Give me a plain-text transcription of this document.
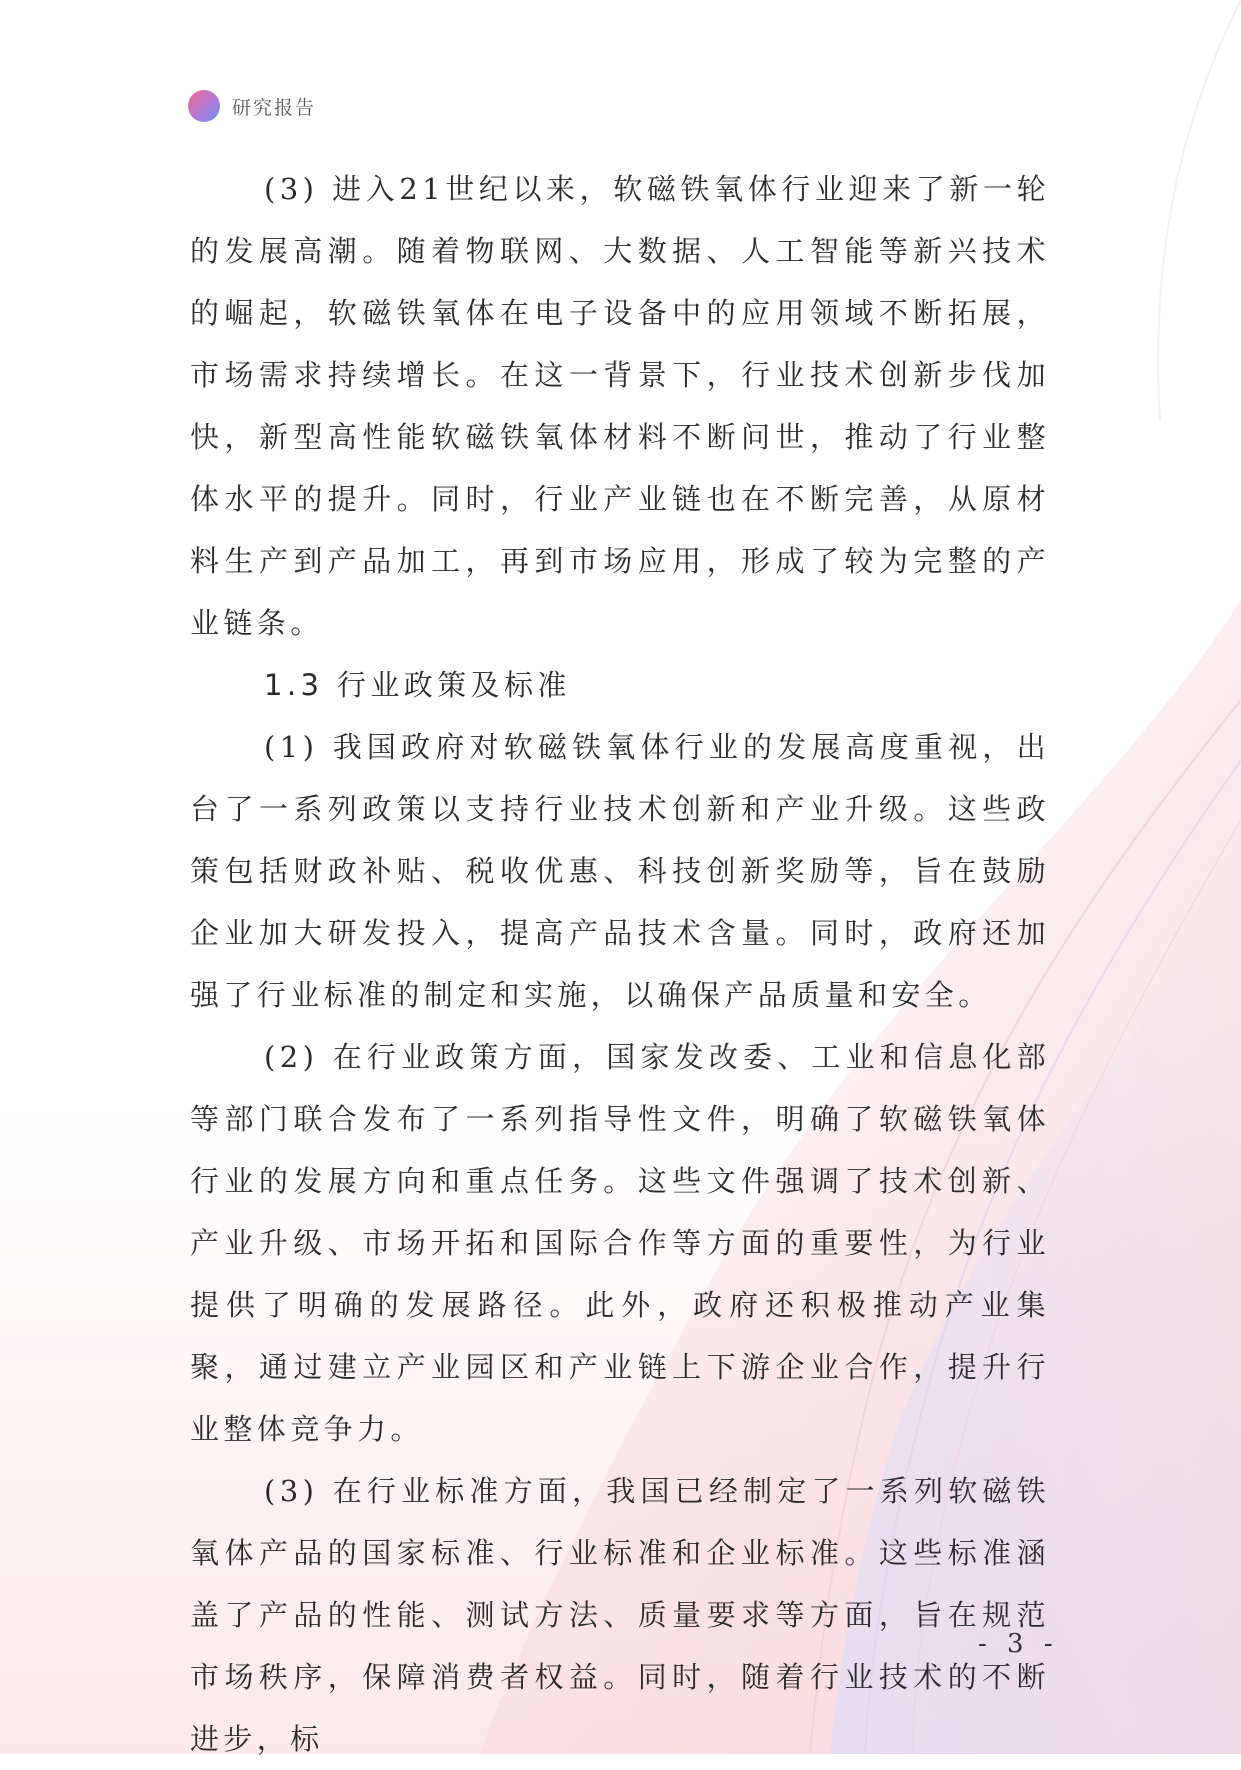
研究报告

(3) 进入21世纪以来，软磁铁氧体行业迎来了新一轮的发展高潮。随着物联网、大数据、人工智能等新兴技术的崛起，软磁铁氧体在电子设备中的应用领域不断拓展，市场需求持续增长。在这一背景下，行业技术创新步伐加快，新型高性能软磁铁氧体材料不断问世，推动了行业整体水平的提升。同时，行业产业链也在不断完善，从原材料生产到产品加工，再到市场应用，形成了较为完整的产业链条。

1.3 行业政策及标准

(1) 我国政府对软磁铁氧体行业的发展高度重视，出台了一系列政策以支持行业技术创新和产业升级。这些政策包括财政补贴、税收优惠、科技创新奖励等，旨在鼓励企业加大研发投入，提高产品技术含量。同时，政府还加强了行业标准的制定和实施，以确保产品质量和安全。

(2) 在行业政策方面，国家发改委、工业和信息化部等部门联合发布了一系列指导性文件，明确了软磁铁氧体行业的发展方向和重点任务。这些文件强调了技术创新、产业升级、市场开拓和国际合作等方面的重要性，为行业提供了明确的发展路径。此外，政府还积极推动产业集聚，通过建立产业园区和产业链上下游企业合作，提升行业整体竞争力。

(3) 在行业标准方面，我国已经制定了一系列软磁铁氧体产品的国家标准、行业标准和企业标准。这些标准涵盖了产品的性能、测试方法、质量要求等方面，旨在规范市场秩序，保障消费者权益。同时，随着行业技术的不断进步，标

- 3 -
